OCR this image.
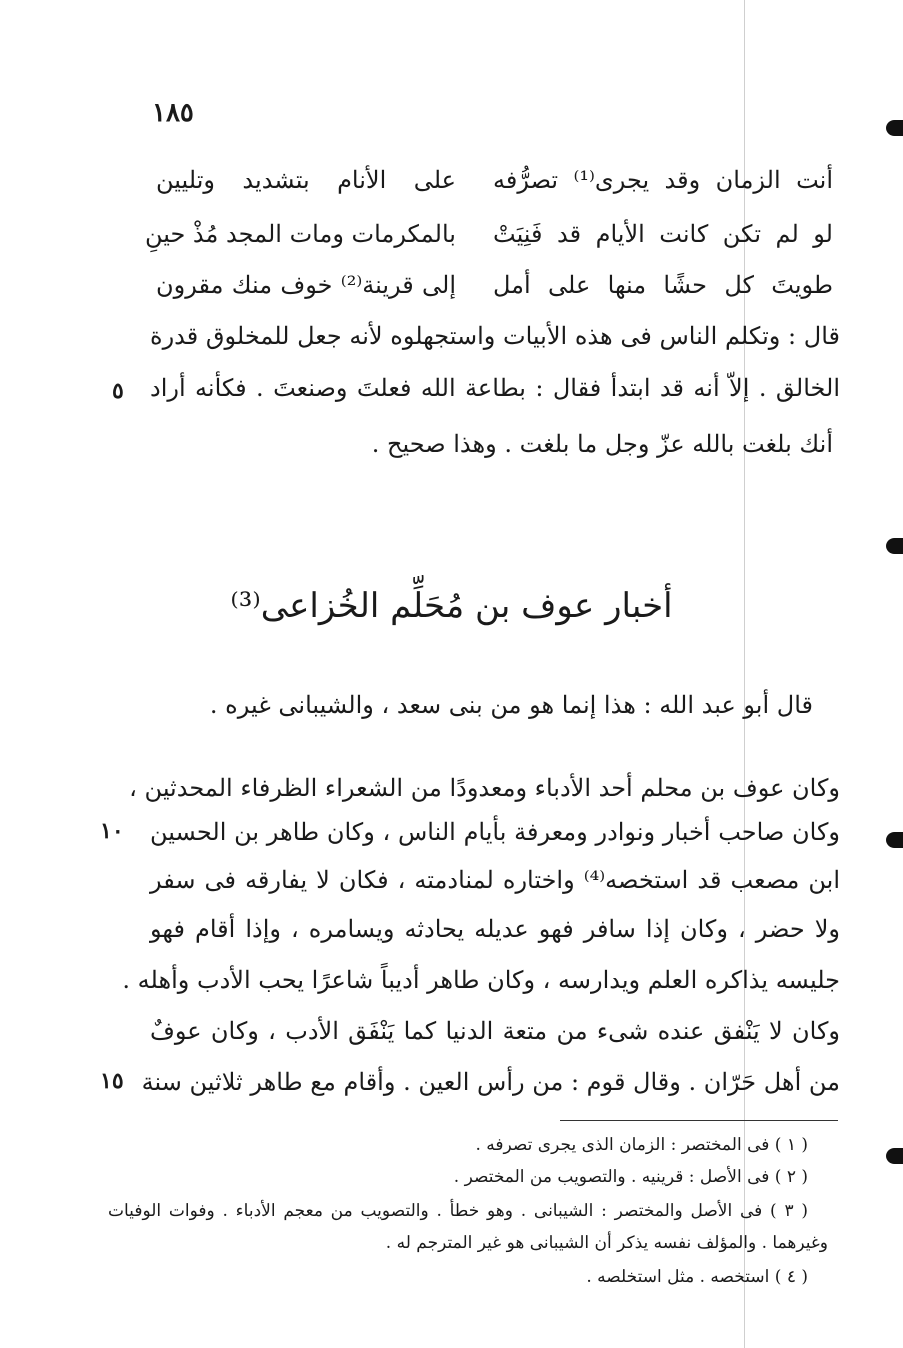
١٨٥
أنت الزمان وقد يجرى⁽¹⁾ تصرُّفه
على الأنام بتشديد وتليين
لو لم تكن كانت الأيام قد فَنِيَتْ
بالمكرمات ومات المجد مُذْ حينِ
طويتَ كل حشًا منها على أمل
إلى قرينة⁽²⁾ خوف منك مقرون
قال : وتكلم الناس فى هذه الأبيات واستجهلوه لأنه جعل للمخلوق قدرة
الخالق . إلاّ أنه قد ابتدأ فقال : بطاعة الله فعلتَ وصنعتَ . فكأنه أراد
أنك بلغت بالله عزّ وجل ما بلغت . وهذا صحيح .
٥
أخبار عوف بن مُحَلِّم الخُزاعى⁽³⁾
قال أبو عبد الله : هذا إنما هو من بنى سعد ، والشيبانى غيره .
وكان عوف بن محلم أحد الأدباء ومعدودًا من الشعراء الظرفاء المحدثين ،
وكان صاحب أخبار ونوادر ومعرفة بأيام الناس ، وكان طاهر بن الحسين
ابن مصعب قد استخصه⁽⁴⁾ واختاره لمنادمته ، فكان لا يفارقه فى سفر
ولا حضر ، وكان إذا سافر فهو عديله يحادثه ويسامره ، وإذا أقام فهو
جليسه يذاكره العلم ويدارسه ، وكان طاهر أديباً شاعرًا يحب الأدب وأهله .
وكان لا يَنْفق عنده شىء من متعة الدنيا كما يَنْفَق الأدب ، وكان عوفٌ
من أهل حَرّان . وقال قوم : من رأس العين . وأقام مع طاهر ثلاثين سنة
١٠
١٥
( ١ ) فى المختصر : الزمان الذى يجرى تصرفه .
( ٢ ) فى الأصل : قرينيه . والتصويب من المختصر .
( ٣ ) فى الأصل والمختصر : الشيبانى . وهو خطأ . والتصويب من معجم الأدباء . وفوات الوفيات
وغيرهما . والمؤلف نفسه يذكر أن الشيبانى هو غير المترجم له .
( ٤ ) استخصه . مثل استخلصه .
